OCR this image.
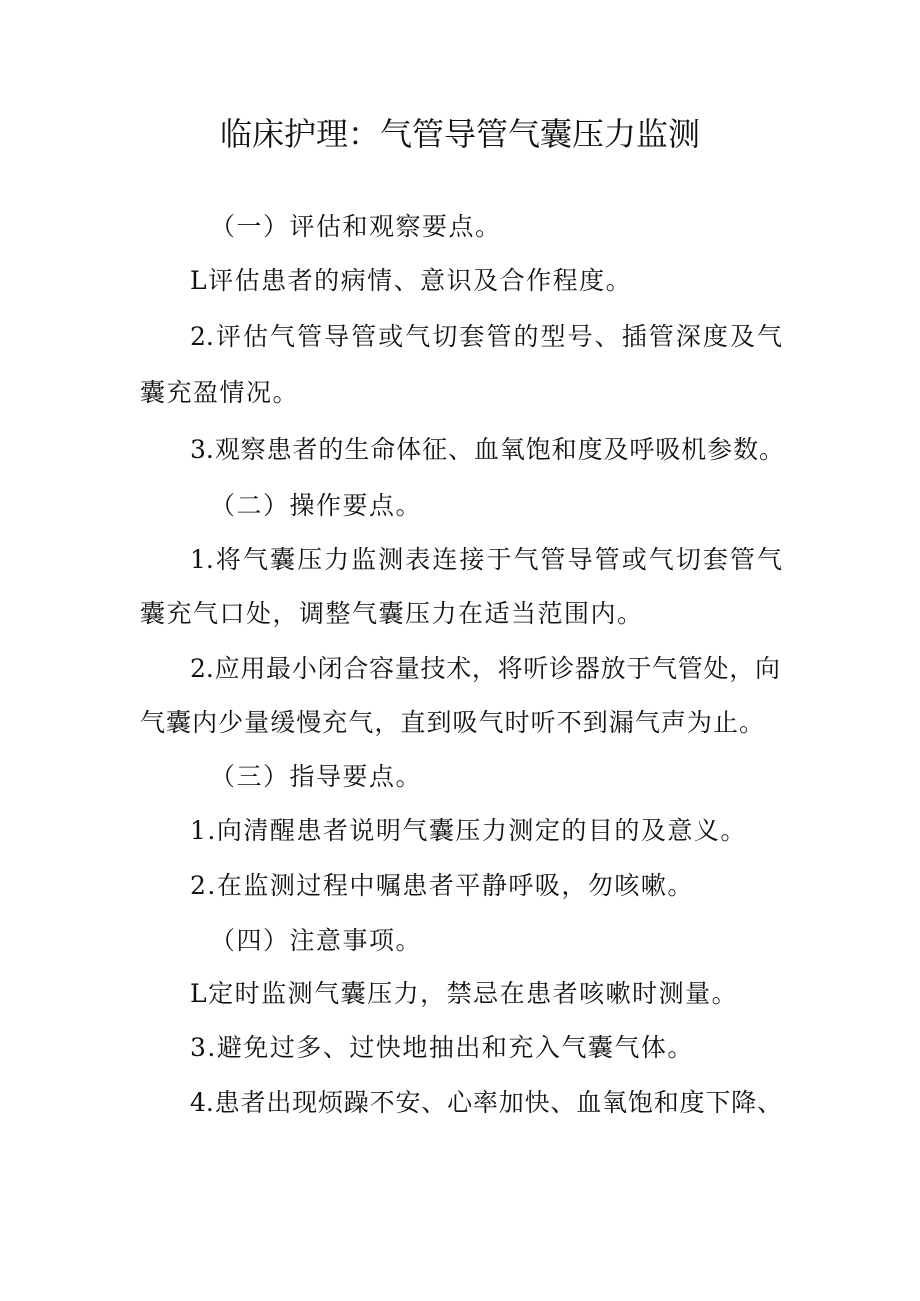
临床护理：气管导管气囊压力监测
（一）评估和观察要点。
L评估患者的病情、意识及合作程度。
2.评估气管导管或气切套管的型号、插管深度及气
囊充盈情况。
3.观察患者的生命体征、血氧饱和度及呼吸机参数。
（二）操作要点。
1.将气囊压力监测表连接于气管导管或气切套管气
囊充气口处，调整气囊压力在适当范围内。
2.应用最小闭合容量技术，将听诊器放于气管处，向
气囊内少量缓慢充气，直到吸气时听不到漏气声为止。
（三）指导要点。
1.向清醒患者说明气囊压力测定的目的及意义。
2.在监测过程中嘱患者平静呼吸，勿咳嗽。
（四）注意事项。
L定时监测气囊压力，禁忌在患者咳嗽时测量。
3.避免过多、过快地抽出和充入气囊气体。
4.患者出现烦躁不安、心率加快、血氧饱和度下降、
